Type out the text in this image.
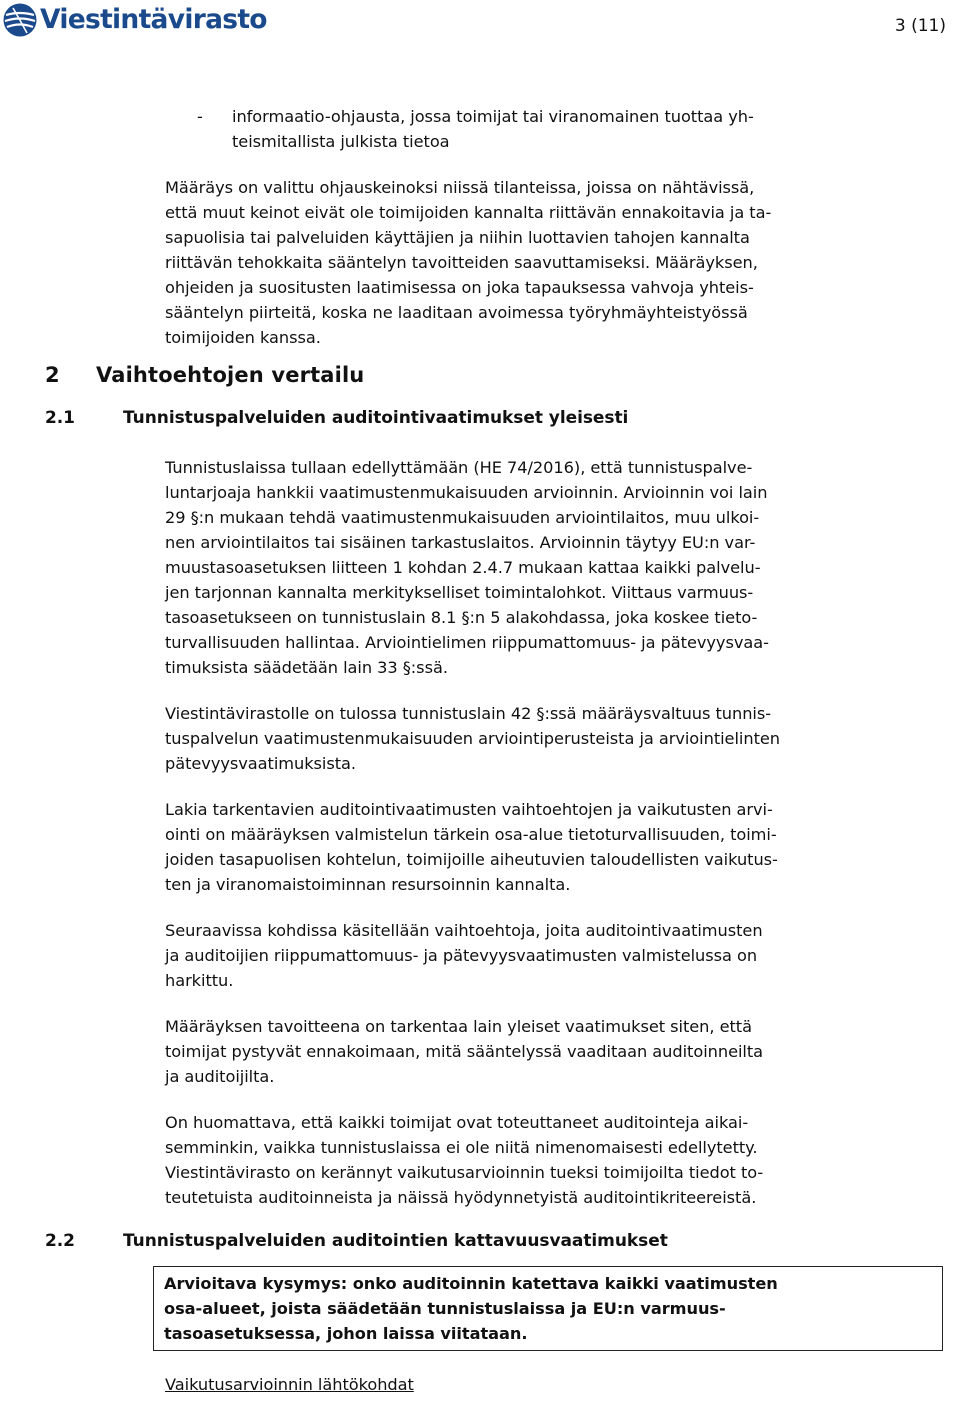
Viestintävirasto	3 (11)
-	informaatio-ohjausta, jossa toimijat tai viranomainen tuottaa yh-
teismitallista julkista tietoa
Määräys on valittu ohjauskeinoksi niissä tilanteissa, joissa on nähtävissä,
että muut keinot eivät ole toimijoiden kannalta riittävän ennakoitavia ja ta-
sapuolisia tai palveluiden käyttäjien ja niihin luottavien tahojen kannalta
riittävän tehokkaita sääntelyn tavoitteiden saavuttamiseksi. Määräyksen,
ohjeiden ja suositusten laatimisessa on joka tapauksessa vahvoja yhteis-
sääntelyn piirteitä, koska ne laaditaan avoimessa työryhmäyhteistyössä
toimijoiden kanssa.
2	Vaihtoehtojen vertailu
2.1	Tunnistuspalveluiden auditointivaatimukset yleisesti
Tunnistuslaissa tullaan edellyttämään (HE 74/2016), että tunnistuspalve-
luntarjoaja hankkii vaatimustenmukaisuuden arvioinnin. Arvioinnin voi lain
29 §:n mukaan tehdä vaatimustenmukaisuuden arviointilaitos, muu ulkoi-
nen arviointilaitos tai sisäinen tarkastuslaitos. Arvioinnin täytyy EU:n var-
muustasoasetuksen liitteen 1 kohdan 2.4.7 mukaan kattaa kaikki palvelu-
jen tarjonnan kannalta merkitykselliset toimintalohkot. Viittaus varmuus-
tasoasetukseen on tunnistuslain 8.1 §:n 5 alakohdassa, joka koskee tieto-
turvallisuuden hallintaa. Arviointielimen riippumattomuus- ja pätevyysvaa-
timuksista säädetään lain 33 §:ssä.
Viestintävirastolle on tulossa tunnistuslain 42 §:ssä määräysvaltuus tunnis-
tuspalvelun vaatimustenmukaisuuden arviointiperusteista ja arviointielinten
pätevyysvaatimuksista.
Lakia tarkentavien auditointivaatimusten vaihtoehtojen ja vaikutusten arvi-
ointi on määräyksen valmistelun tärkein osa-alue tietoturvallisuuden, toimi-
joiden tasapuolisen kohtelun, toimijoille aiheutuvien taloudellisten vaikutus-
ten ja viranomaistoiminnan resursoinnin kannalta.
Seuraavissa kohdissa käsitellään vaihtoehtoja, joita auditointivaatimusten
ja auditoijien riippumattomuus- ja pätevyysvaatimusten valmistelussa on
harkittu.
Määräyksen tavoitteena on tarkentaa lain yleiset vaatimukset siten, että
toimijat pystyvät ennakoimaan, mitä sääntelyssä vaaditaan auditoinneilta
ja auditoijilta.
On huomattava, että kaikki toimijat ovat toteuttaneet auditointeja aikai-
semminkin, vaikka tunnistuslaissa ei ole niitä nimenomaisesti edellytetty.
Viestintävirasto on kerännyt vaikutusarvioinnin tueksi toimijoilta tiedot to-
teutetuista auditoinneista ja näissä hyödynnetyistä auditointikriteereistä.
2.2	Tunnistuspalveluiden auditointien kattavuusvaatimukset
Arvioitava kysymys: onko auditoinnin katettava kaikki vaatimusten
osa-alueet, joista säädetään tunnistuslaissa ja EU:n varmuus-
tasoasetuksessa, johon laissa viitataan.
Vaikutusarvioinnin lähtökohdat
